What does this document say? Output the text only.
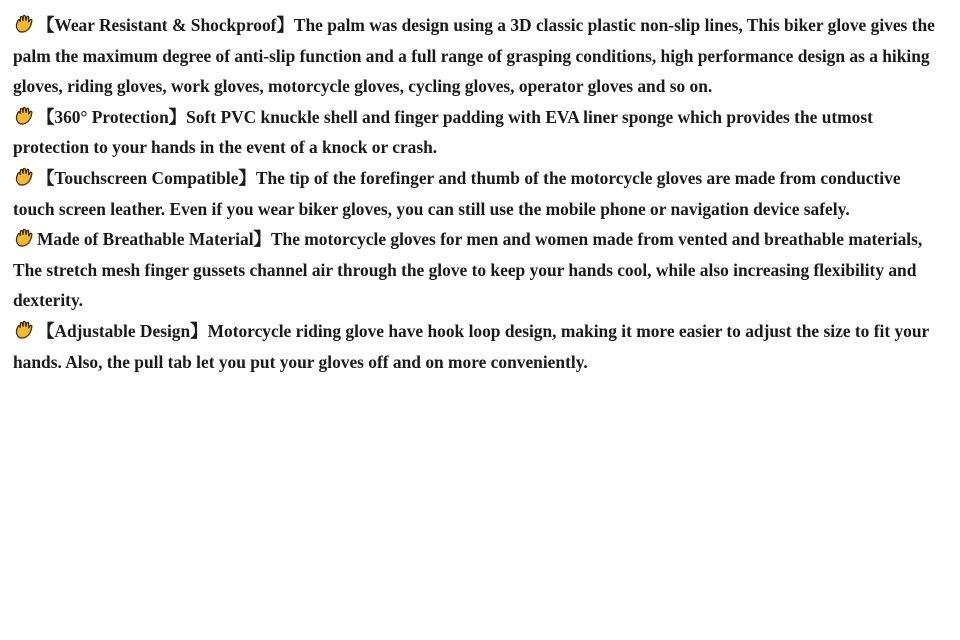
【Wear Resistant & Shockproof】The palm was design using a 3D classic plastic non-slip lines, This biker glove gives the palm the maximum degree of anti-slip function and a full range of grasping conditions, high performance design as a hiking gloves, riding gloves, work gloves, motorcycle gloves, cycling gloves, operator gloves and so on.

【360° Protection】Soft PVC knuckle shell and finger padding with EVA liner sponge which provides the utmost protection to your hands in the event of a knock or crash.

【Touchscreen Compatible】The tip of the forefinger and thumb of the motorcycle gloves are made from conductive touch screen leather. Even if you wear biker gloves, you can still use the mobile phone or navigation device safely.

Made of Breathable Material】The motorcycle gloves for men and women made from vented and breathable materials, The stretch mesh finger gussets channel air through the glove to keep your hands cool, while also increasing flexibility and dexterity.

【Adjustable Design】Motorcycle riding glove have hook loop design, making it more easier to adjust the size to fit your hands. Also, the pull tab let you put your gloves off and on more conveniently.
